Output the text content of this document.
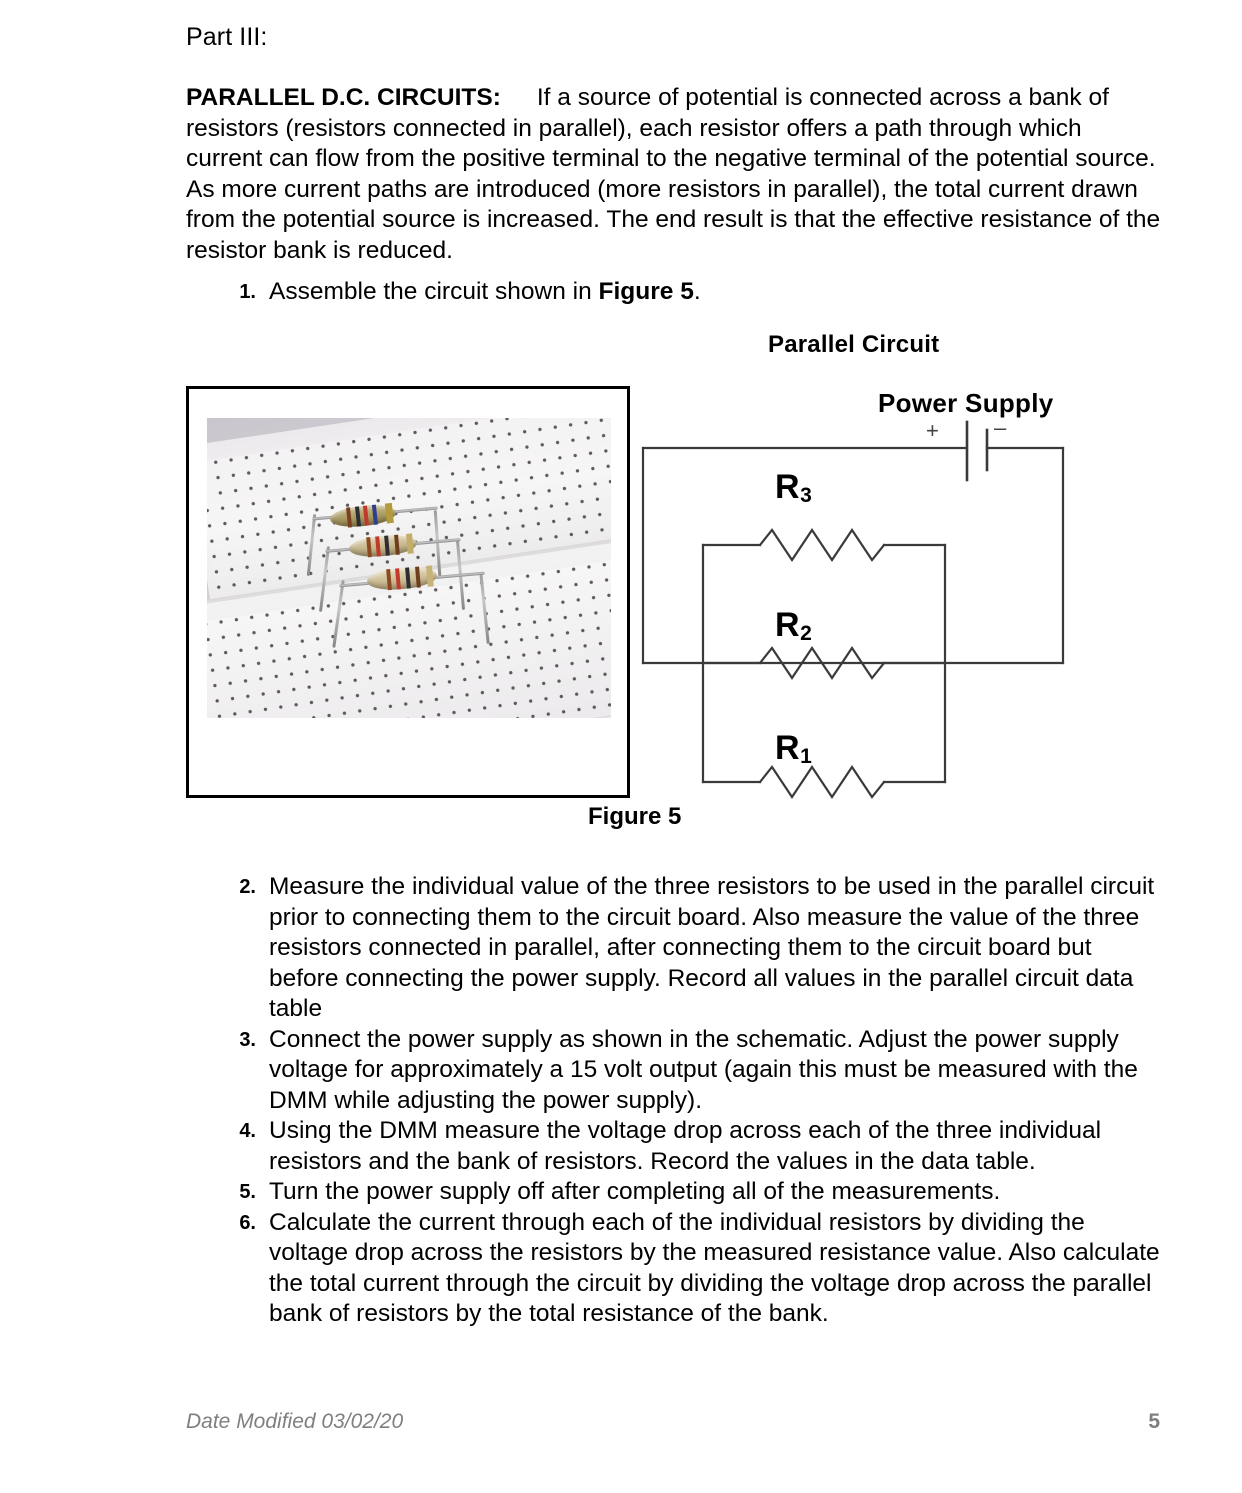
Part III:
PARALLEL D.C. CIRCUITS: If a source of potential is connected across a bank of resistors (resistors connected in parallel), each resistor offers a path through which current can flow from the positive terminal to the negative terminal of the potential source. As more current paths are introduced (more resistors in parallel), the total current drawn from the potential source is increased. The end result is that the effective resistance of the resistor bank is reduced.
1. Assemble the circuit shown in Figure 5.
Parallel Circuit
Power Supply
+	–
$R_3$
$R_2$
$R_1$
Figure 5
2. Measure the individual value of the three resistors to be used in the parallel circuit prior to connecting them to the circuit board. Also measure the value of the three resistors connected in parallel, after connecting them to the circuit board but before connecting the power supply. Record all values in the parallel circuit data table
3. Connect the power supply as shown in the schematic. Adjust the power supply voltage for approximately a 15 volt output (again this must be measured with the DMM while adjusting the power supply).
4. Using the DMM measure the voltage drop across each of the three individual resistors and the bank of resistors. Record the values in the data table.
5. Turn the power supply off after completing all of the measurements.
6. Calculate the current through each of the individual resistors by dividing the voltage drop across the resistors by the measured resistance value. Also calculate the total current through the circuit by dividing the voltage drop across the parallel bank of resistors by the total resistance of the bank.
Date Modified 03/02/20	5
